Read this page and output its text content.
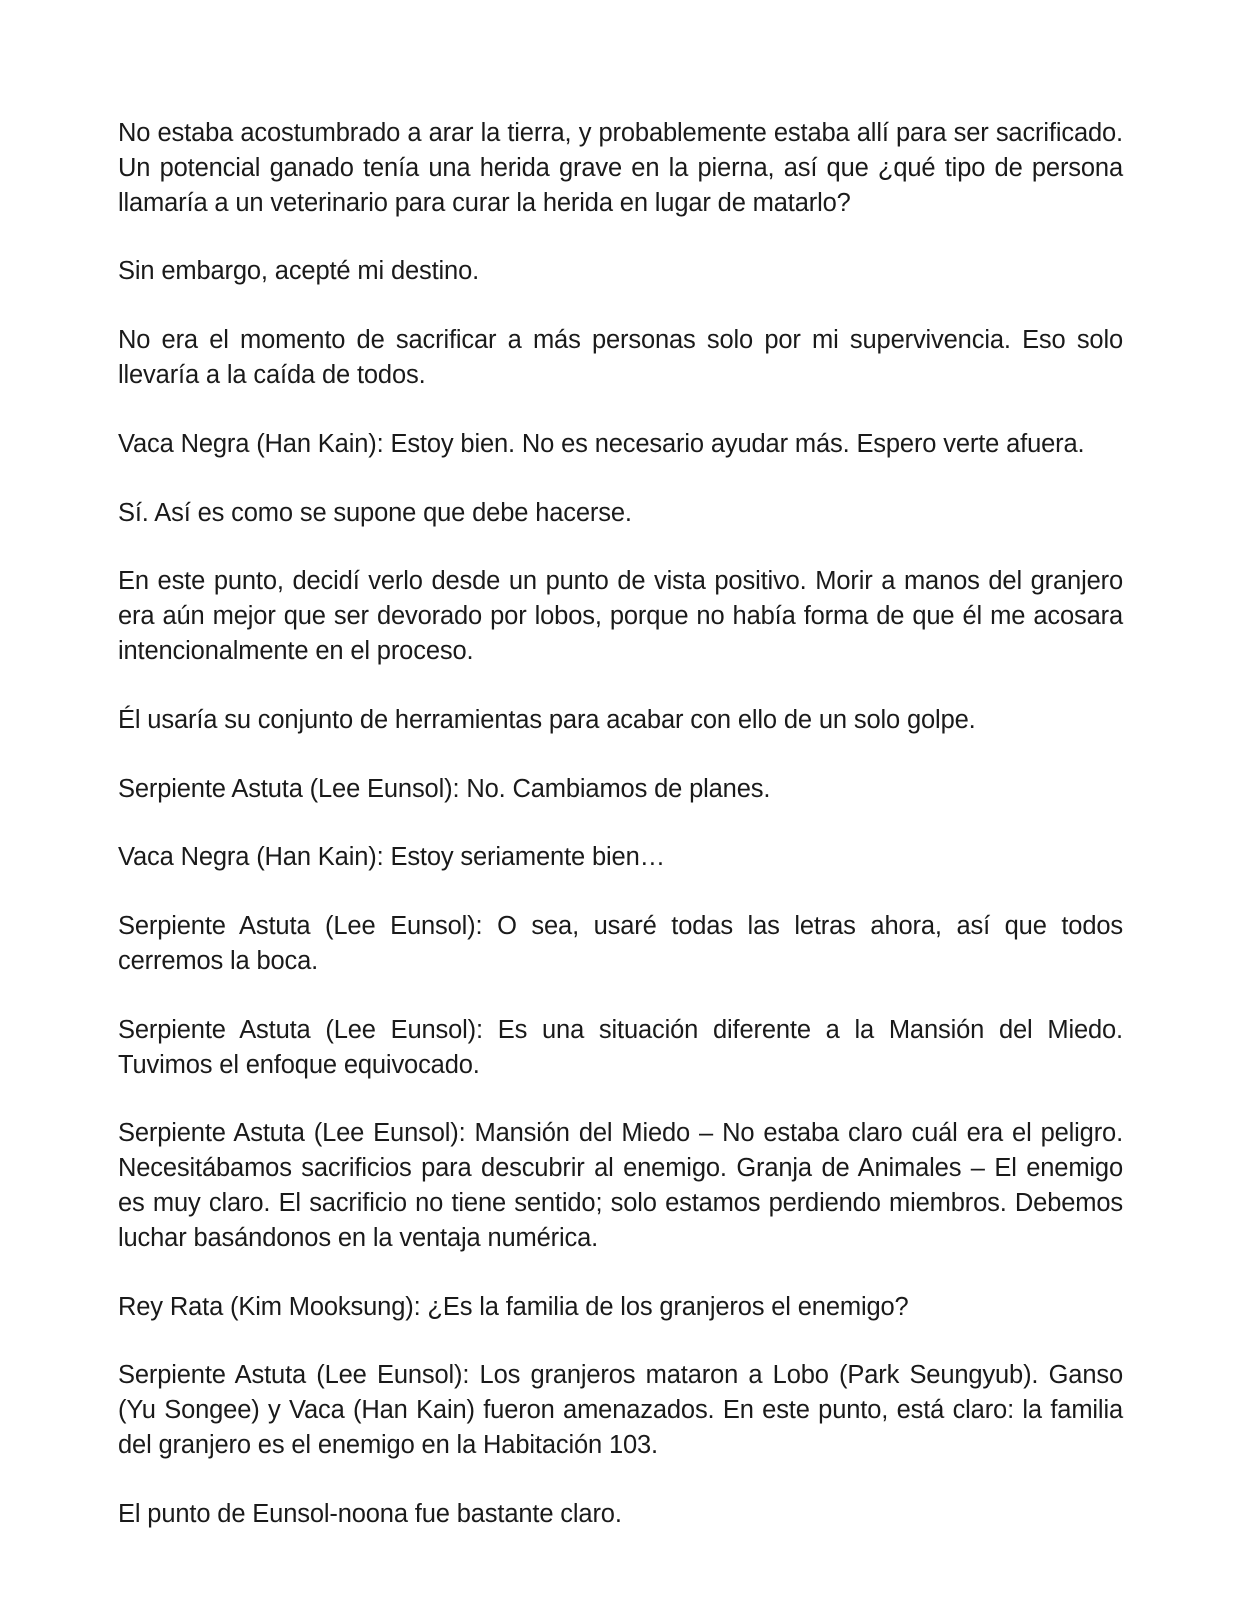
No estaba acostumbrado a arar la tierra, y probablemente estaba allí para ser sacrificado. Un potencial ganado tenía una herida grave en la pierna, así que ¿qué tipo de persona llamaría a un veterinario para curar la herida en lugar de matarlo?

Sin embargo, acepté mi destino.

No era el momento de sacrificar a más personas solo por mi supervivencia. Eso solo llevaría a la caída de todos.

Vaca Negra (Han Kain): Estoy bien. No es necesario ayudar más. Espero verte afuera.

Sí. Así es como se supone que debe hacerse.

En este punto, decidí verlo desde un punto de vista positivo. Morir a manos del granjero era aún mejor que ser devorado por lobos, porque no había forma de que él me acosara intencionalmente en el proceso.

Él usaría su conjunto de herramientas para acabar con ello de un solo golpe.

Serpiente Astuta (Lee Eunsol): No. Cambiamos de planes.

Vaca Negra (Han Kain): Estoy seriamente bien…

Serpiente Astuta (Lee Eunsol): O sea, usaré todas las letras ahora, así que todos cerremos la boca.

Serpiente Astuta (Lee Eunsol): Es una situación diferente a la Mansión del Miedo. Tuvimos el enfoque equivocado.

Serpiente Astuta (Lee Eunsol): Mansión del Miedo – No estaba claro cuál era el peligro. Necesitábamos sacrificios para descubrir al enemigo. Granja de Animales – El enemigo es muy claro. El sacrificio no tiene sentido; solo estamos perdiendo miembros. Debemos luchar basándonos en la ventaja numérica.

Rey Rata (Kim Mooksung): ¿Es la familia de los granjeros el enemigo?

Serpiente Astuta (Lee Eunsol): Los granjeros mataron a Lobo (Park Seungyub). Ganso (Yu Songee) y Vaca (Han Kain) fueron amenazados. En este punto, está claro: la familia del granjero es el enemigo en la Habitación 103.

El punto de Eunsol-noona fue bastante claro.
